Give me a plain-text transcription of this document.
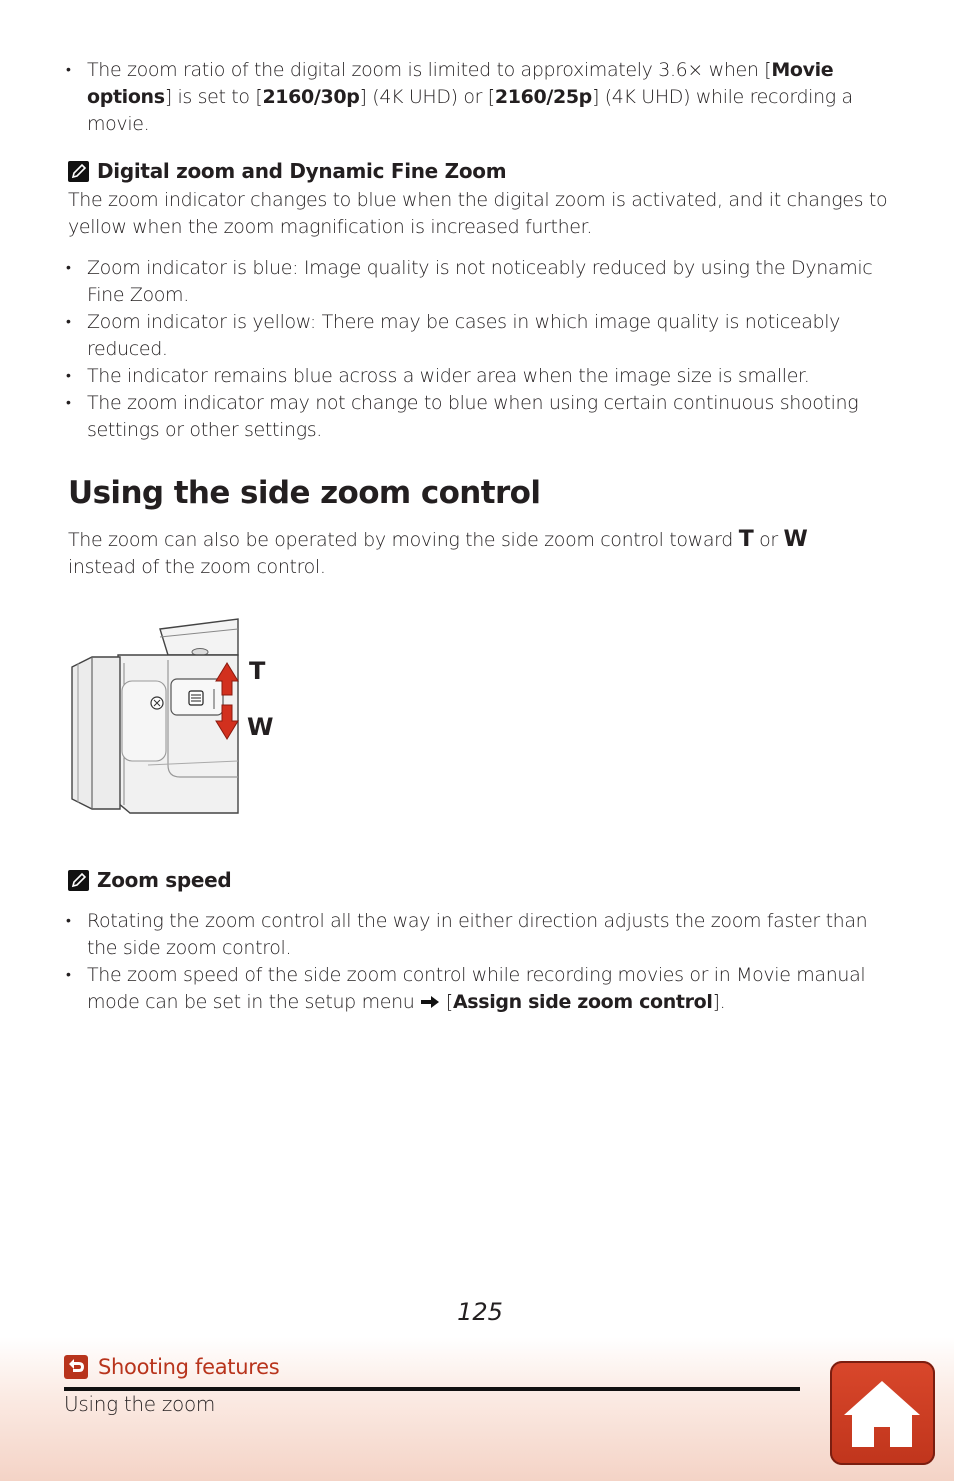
• The zoom ratio of the digital zoom is limited to approximately 3.6× when [Movie options] is set to [2160/30p] (4K UHD) or [2160/25p] (4K UHD) while recording a movie.
Digital zoom and Dynamic Fine Zoom

The zoom indicator changes to blue when the digital zoom is activated, and it changes to yellow when the zoom magnification is increased further.

• Zoom indicator is blue: Image quality is not noticeably reduced by using the Dynamic Fine Zoom.
• Zoom indicator is yellow: There may be cases in which image quality is noticeably reduced.
• The indicator remains blue across a wider area when the image size is smaller.
• The zoom indicator may not change to blue when using certain continuous shooting settings or other settings.
Using the side zoom control

The zoom can also be operated by moving the side zoom control toward T or W
instead of the zoom control.

T
W
Zoom speed
• Rotating the zoom control all the way in either direction adjusts the zoom faster than the side zoom control.
• The zoom speed of the side zoom control while recording movies or in Movie manual mode can be set in the setup menu [Assign side zoom control].
125
Shooting features
Using the zoom
